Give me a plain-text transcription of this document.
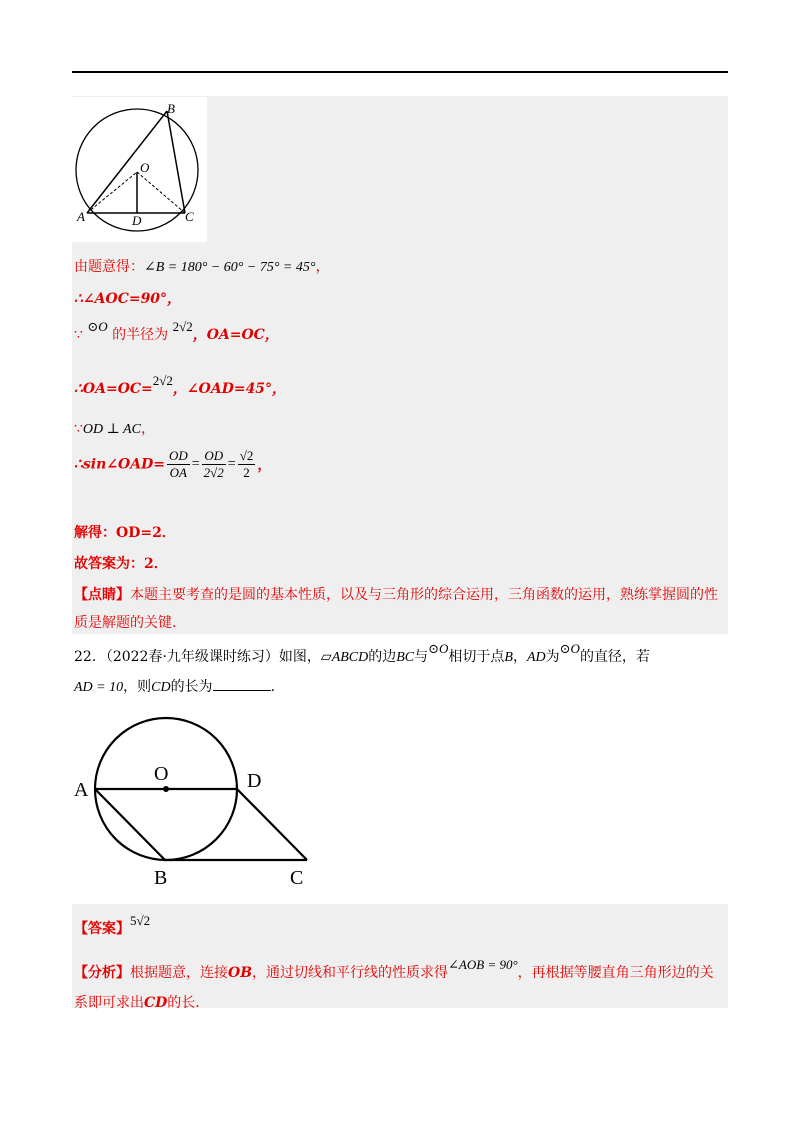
A
B
C
D
O
由题意得：∠B = 180° − 60° − 75° = 45°，
∴∠AOC=90°，
∵ ⊙O 的半径为 2√2，OA=OC，
∴OA=OC=2√2，∠OAD=45°，
∵OD ⊥ AC，
∴sin∠OAD= $\frac{OD}{OA} = \frac{OD}{2√2} = \frac{√2}{2}$ ，
解得：OD=2．
故答案为：2．
【点睛】本题主要考查的是圆的基本性质，以及与三角形的综合运用，三角函数的运用，熟练掌握圆的性
质是解题的关键.
22．（2022春·九年级课时练习）如图，▱ABCD的边BC与⊙O相切于点B，AD为⊙O的直径，若
AD = 10，则CD的长为	.
A
O	D
B	C
【答案】5√2
【分析】根据题意，连接OB，通过切线和平行线的性质求得∠AOB = 90°，再根据等腰直角三角形边的关
系即可求出CD的长.
